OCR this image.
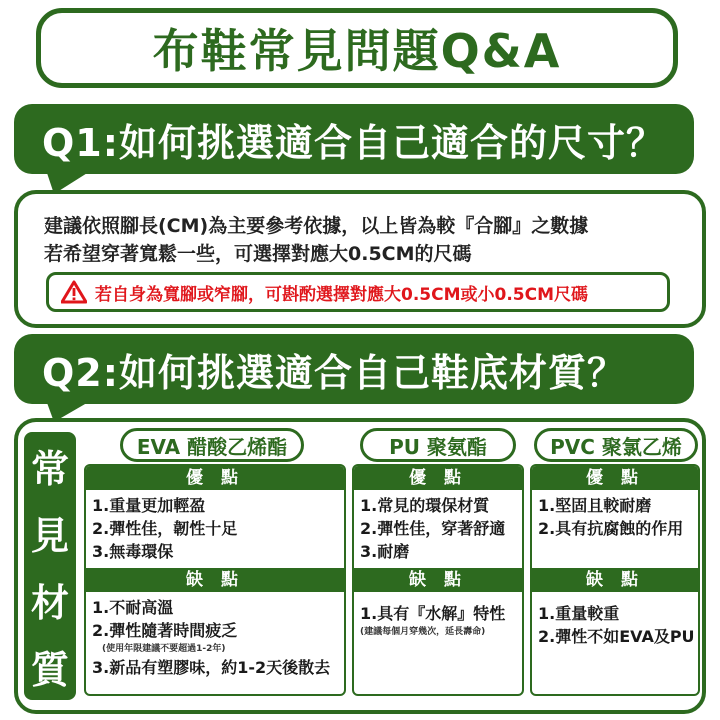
布鞋常見問題Q&A
Q1:如何挑選適合自己適合的尺寸？
建議依照腳長(CM)為主要參考依據，以上皆為較『合腳』之數據
若希望穿著寬鬆一些，可選擇對應大0.5CM的尺碼
若自身為寬腳或窄腳，可斟酌選擇對應大0.5CM或小0.5CM尺碼
Q2:如何挑選適合自己鞋底材質？
常
見
材
質
EVA 醋酸乙烯酯
優 點
1.重量更加輕盈
2.彈性佳，韌性十足
3.無毒環保
缺 點
1.不耐高溫
2.彈性隨著時間疲乏
(使用年限建議不要超過1-2年)
3.新品有塑膠味，約1-2天後散去
PU 聚氨酯
優 點
1.常見的環保材質
2.彈性佳，穿著舒適
3.耐磨
缺 點
1.具有『水解』特性
(建議每個月穿幾次，延長壽命)
PVC 聚氯乙烯
優 點
1.堅固且較耐磨
2.具有抗腐蝕的作用
缺 點
1.重量較重
2.彈性不如EVA及PU
